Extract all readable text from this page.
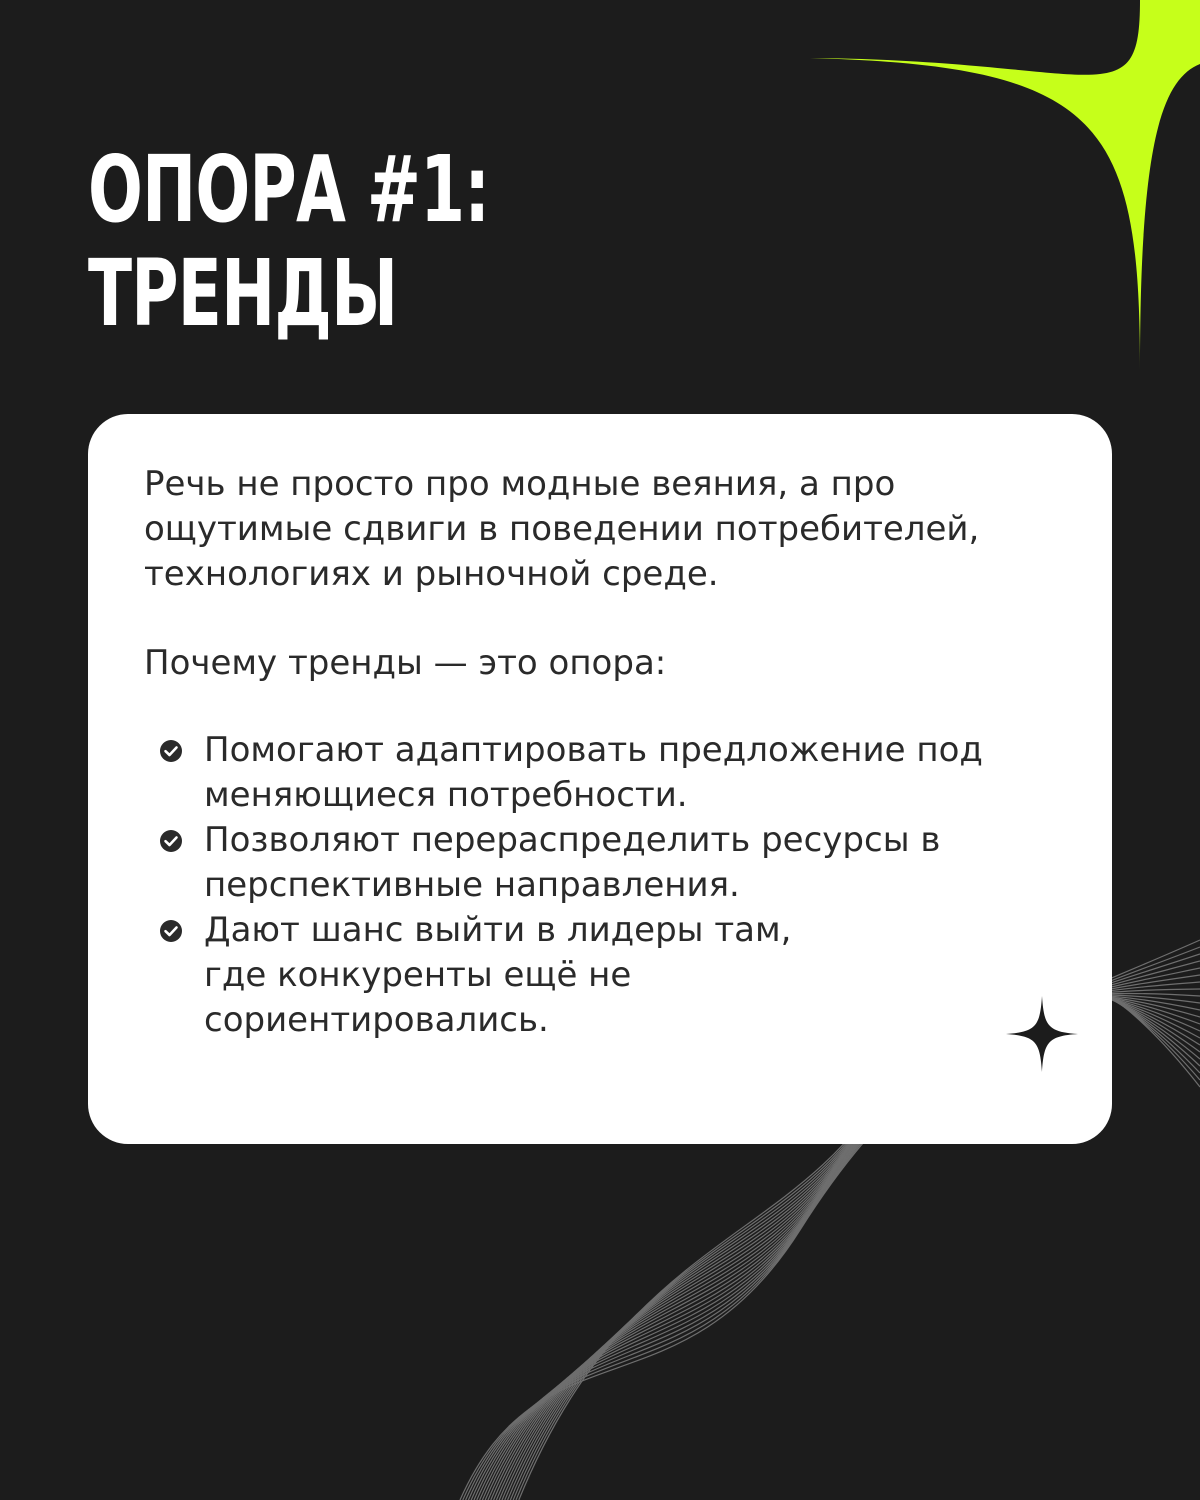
ОПОРА #1:
ТРЕНДЫ

Речь не просто про модные веяния, а про ощутимые сдвиги в поведении потребителей, технологиях и рыночной среде.

Почему тренды — это опора:

Помогают адаптировать предложение под меняющиеся потребности.
Позволяют перераспределить ресурсы в перспективные направления.
Дают шанс выйти в лидеры там, где конкуренты ещё не сориентировались.
